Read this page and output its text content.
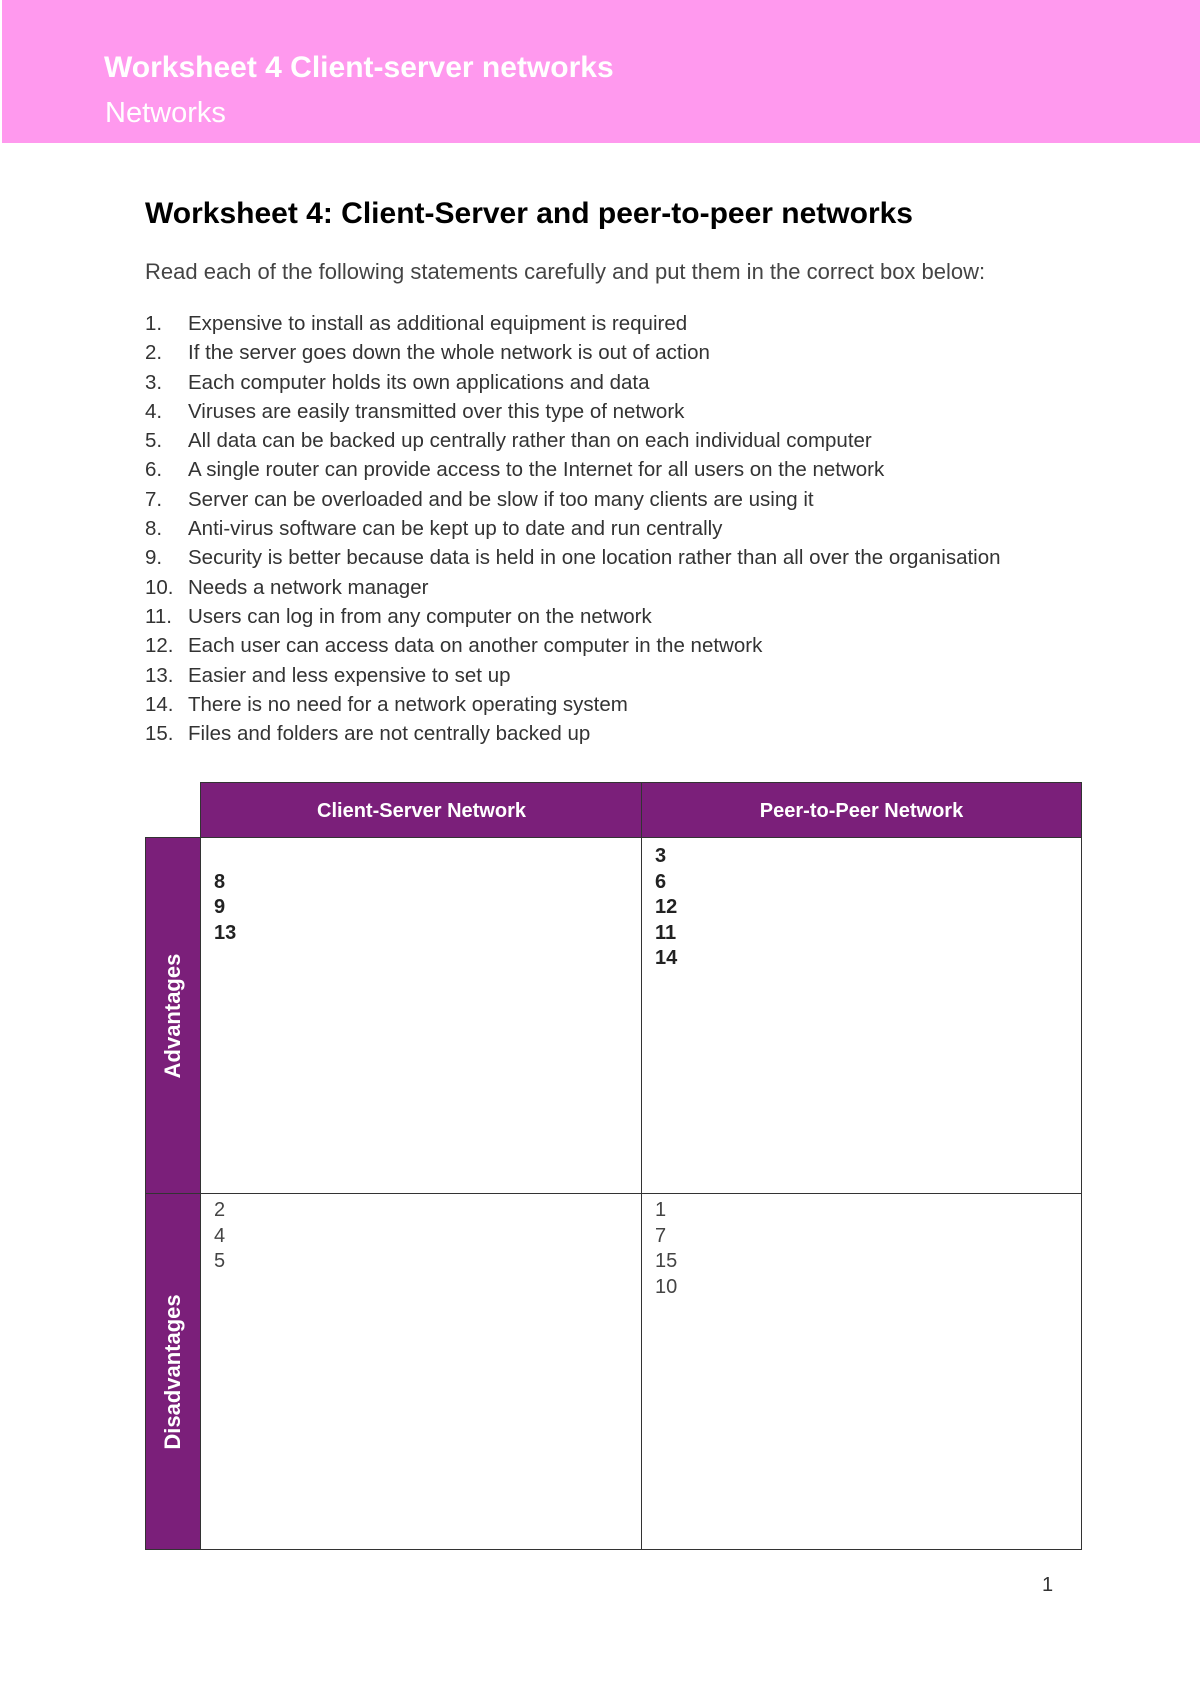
Worksheet 4 Client-server networks
Networks
Worksheet 4: Client-Server and peer-to-peer networks
Read each of the following statements carefully and put them in the correct box below:
1. Expensive to install as additional equipment is required
2. If the server goes down the whole network is out of action
3. Each computer holds its own applications and data
4. Viruses are easily transmitted over this type of network
5. All data can be backed up centrally rather than on each individual computer
6. A single router can provide access to the Internet for all users on the network
7. Server can be overloaded and be slow if too many clients are using it
8. Anti-virus software can be kept up to date and run centrally
9. Security is better because data is held in one location rather than all over the organisation
10. Needs a network manager
11. Users can log in from any computer on the network
12. Each user can access data on another computer in the network
13. Easier and less expensive to set up
14. There is no need for a network operating system
15. Files and folders are not centrally backed up
Client-Server Network	Peer-to-Peer Network
Advantages
Disadvantages
8
9
13
3
6
12
11
14
2
4
5
1
7
15
10
1
